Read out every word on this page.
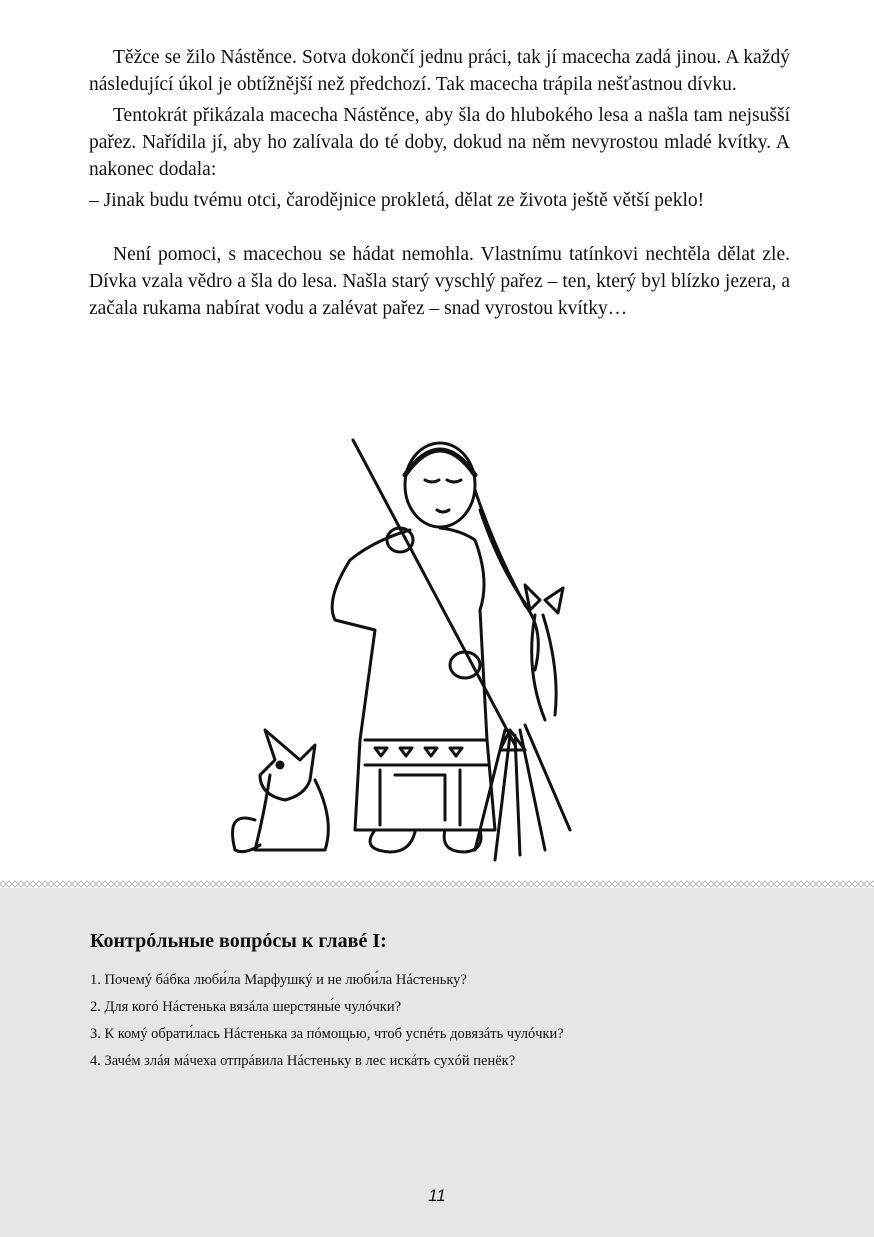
Těžce se žilo Nástěnce. Sotva dokončí jednu práci, tak jí macecha zadá jinou. A každý následující úkol je obtížnější než předchozí. Tak macecha trápila nešťastnou dívku.

Tentokrát přikázala macecha Nástěnce, aby šla do hlubokého lesa a našla tam nejsušší pařez. Nařídila jí, aby ho zalívala do té doby, dokud na něm nevyrostou mladé kvítky. A nakonec dodala:

– Jinak budu tvému otci, čarodějnice prokletá, dělat ze života ještě větší peklo!

Není pomoci, s macechou se hádat nemohla. Vlastnímu tatínkovi nechtěla dělat zle. Dívka vzala vědro a šla do lesa. Našla starý vyschlý pařez – ten, který byl blízko jezera, a začala rukama nabírat vodu a zalévat pařez – snad vyrostou kvítky…

Контрóльные вопрóсы к главé I:
1. Почемý бáбка люби́ла Марфушкý и не люби́ла Нáстеньку?
2. Для когó Нáстенька вязáла шерстяны́е чулóчки?
3. К комý обрати́лась Нáстенька за пóмощью, чтоб успéть довязáть чулóчки?
4. Зачéм злáя мáчеха отпрáвила Нáстеньку в лес искáть сухóй пенёк?
11
